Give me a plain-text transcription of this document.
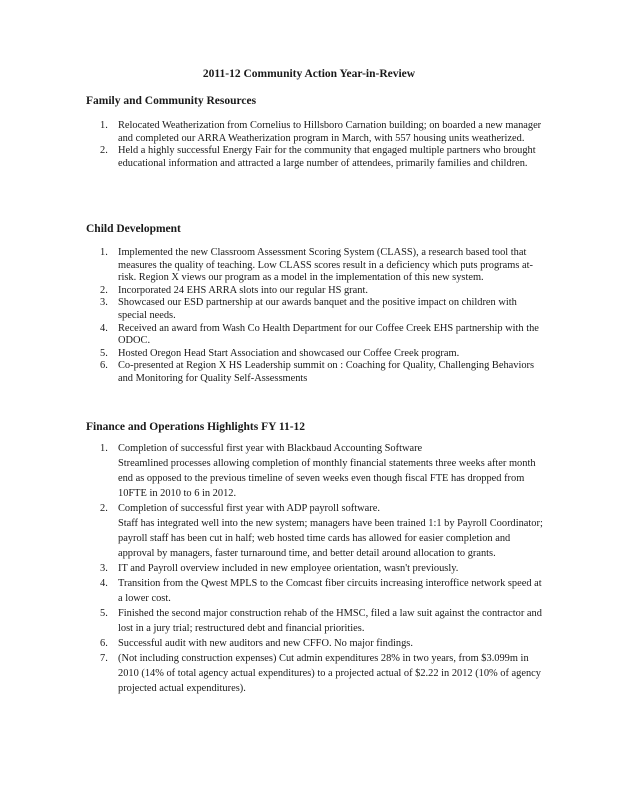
2011-12 Community Action Year-in-Review
Family and Community Resources
1. Relocated Weatherization from Cornelius to Hillsboro Carnation building; on boarded a new manager and completed our ARRA Weatherization program in March, with 557 housing units weatherized.
2. Held a highly successful Energy Fair for the community that engaged multiple partners who brought educational information and attracted a large number of attendees, primarily families and children.
Child Development
1. Implemented the new Classroom Assessment Scoring System (CLASS), a research based tool that measures the quality of teaching. Low CLASS scores result in a deficiency which puts programs at-risk. Region X views our program as a model in the implementation of this new system.
2. Incorporated 24 EHS ARRA slots into our regular HS grant.
3. Showcased our ESD partnership at our awards banquet and the positive impact on children with special needs.
4. Received an award from Wash Co Health Department for our Coffee Creek EHS partnership with the ODOC.
5. Hosted Oregon Head Start Association and showcased our Coffee Creek program.
6. Co-presented at Region X HS Leadership summit on : Coaching for Quality, Challenging Behaviors and Monitoring for Quality Self-Assessments
Finance and Operations Highlights FY 11-12
1. Completion of successful first year with Blackbaud Accounting Software
Streamlined processes allowing completion of monthly financial statements three weeks after month end as opposed to the previous timeline of seven weeks even though fiscal FTE has dropped from 10FTE in 2010 to 6 in 2012.
2. Completion of successful first year with ADP payroll software.
Staff has integrated well into the new system; managers have been trained 1:1 by Payroll Coordinator; payroll staff has been cut in half; web hosted time cards has allowed for easier completion and approval by managers, faster turnaround time, and better detail around allocation to grants.
3. IT and Payroll overview included in new employee orientation, wasn't previously.
4. Transition from the Qwest MPLS to the Comcast fiber circuits increasing interoffice network speed at a lower cost.
5. Finished the second major construction rehab of the HMSC, filed a law suit against the contractor and lost in a jury trial; restructured debt and financial priorities.
6. Successful audit with new auditors and new CFFO. No major findings.
7. (Not including construction expenses) Cut admin expenditures 28% in two years, from $3.099m in 2010 (14% of total agency actual expenditures) to a projected actual of $2.22 in 2012 (10% of agency projected actual expenditures).
